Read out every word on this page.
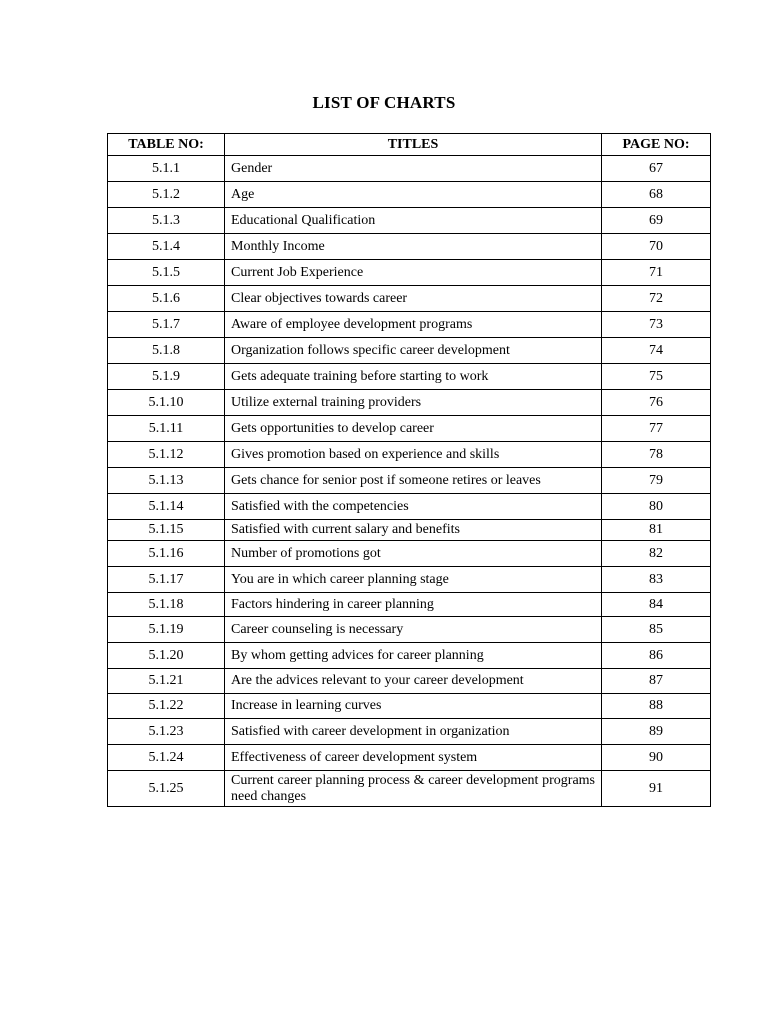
LIST OF CHARTS
TABLE NO:	TITLES	PAGE NO:
5.1.1	Gender	67
5.1.2	Age	68
5.1.3	Educational Qualification	69
5.1.4	Monthly Income	70
5.1.5	Current Job Experience	71
5.1.6	Clear objectives towards career	72
5.1.7	Aware of employee development programs	73
5.1.8	Organization follows specific career development	74
5.1.9	Gets adequate training before starting to work	75
5.1.10	Utilize external training providers	76
5.1.11	Gets opportunities to develop career	77
5.1.12	Gives promotion based on experience and skills	78
5.1.13	Gets chance for senior post if someone retires or leaves	79
5.1.14	Satisfied with the competencies	80
5.1.15	Satisfied with current salary and benefits	81
5.1.16	Number of promotions got	82
5.1.17	You are in which career planning stage	83
5.1.18	Factors hindering in career planning	84
5.1.19	Career counseling is necessary	85
5.1.20	By whom getting advices for career planning	86
5.1.21	Are the advices relevant to your career development	87
5.1.22	Increase in learning curves	88
5.1.23	Satisfied with career development in organization	89
5.1.24	Effectiveness of career development system	90
5.1.25	Current career planning process & career development programs need changes	91
